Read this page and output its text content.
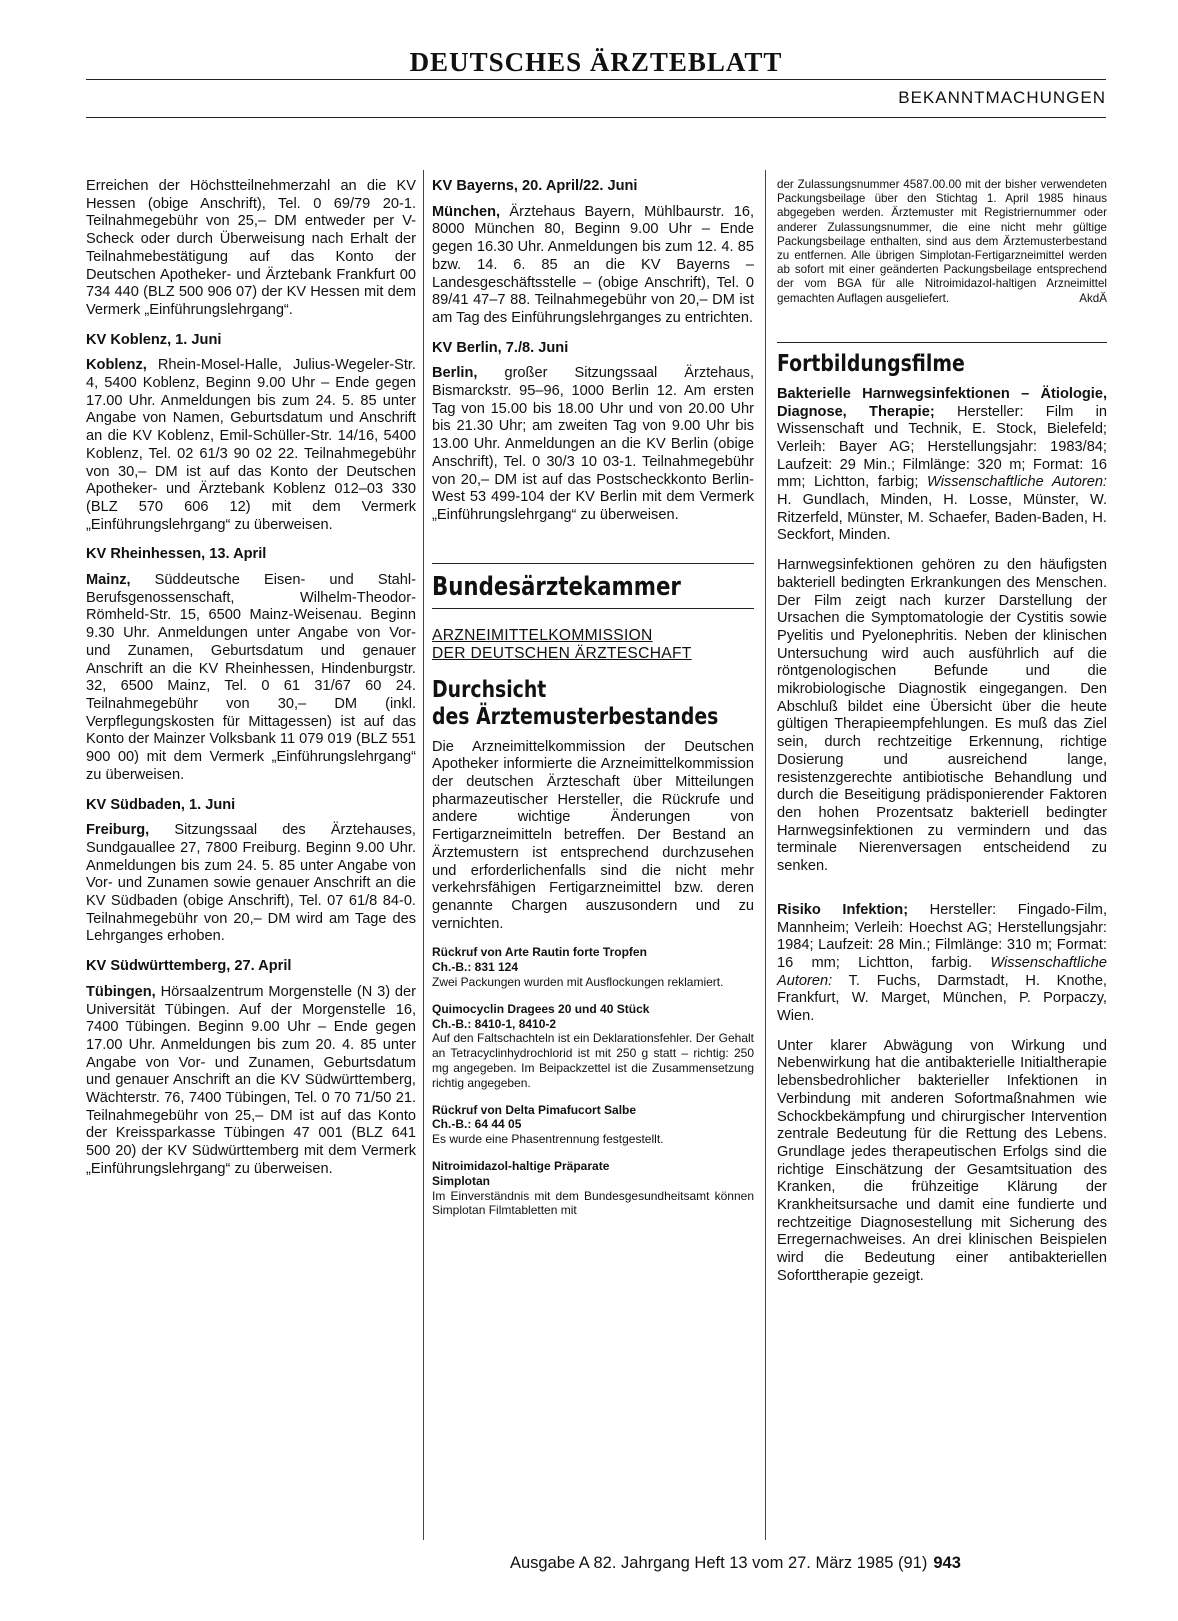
DEUTSCHES ÄRZTEBLATT
BEKANNTMACHUNGEN

Erreichen der Höchstteilnehmerzahl an die KV Hessen (obige Anschrift), Tel. 0 69/79 20-1. Teilnahmegebühr von 25,– DM entweder per V-Scheck oder durch Überweisung nach Erhalt der Teilnahmebestätigung auf das Konto der Deutschen Apotheker- und Ärztebank Frankfurt 00 734 440 (BLZ 500 906 07) der KV Hessen mit dem Vermerk „Einführungslehrgang“.

KV Koblenz, 1. Juni

Koblenz, Rhein-Mosel-Halle, Julius-Wegeler-Str. 4, 5400 Koblenz, Beginn 9.00 Uhr – Ende gegen 17.00 Uhr. Anmeldungen bis zum 24. 5. 85 unter Angabe von Namen, Geburtsdatum und Anschrift an die KV Koblenz, Emil-Schüller-Str. 14/16, 5400 Koblenz, Tel. 02 61/3 90 02 22. Teilnahmegebühr von 30,– DM ist auf das Konto der Deutschen Apotheker- und Ärztebank Koblenz 012–03 330 (BLZ 570 606 12) mit dem Vermerk „Einführungslehrgang“ zu überweisen.

KV Rheinhessen, 13. April

Mainz, Süddeutsche Eisen- und Stahl-Berufsgenossenschaft, Wilhelm-Theodor-Römheld-Str. 15, 6500 Mainz-Weisenau. Beginn 9.30 Uhr. Anmeldungen unter Angabe von Vor- und Zunamen, Geburtsdatum und genauer Anschrift an die KV Rheinhessen, Hindenburgstr. 32, 6500 Mainz, Tel. 0 61 31/67 60 24. Teilnahmegebühr von 30,– DM (inkl. Verpflegungskosten für Mittagessen) ist auf das Konto der Mainzer Volksbank 11 079 019 (BLZ 551 900 00) mit dem Vermerk „Einführungslehrgang“ zu überweisen.

KV Südbaden, 1. Juni

Freiburg, Sitzungssaal des Ärztehauses, Sundgauallee 27, 7800 Freiburg. Beginn 9.00 Uhr. Anmeldungen bis zum 24. 5. 85 unter Angabe von Vor- und Zunamen sowie genauer Anschrift an die KV Südbaden (obige Anschrift), Tel. 07 61/8 84-0. Teilnahmegebühr von 20,– DM wird am Tage des Lehrganges erhoben.

KV Südwürttemberg, 27. April

Tübingen, Hörsaalzentrum Morgenstelle (N 3) der Universität Tübingen. Auf der Morgenstelle 16, 7400 Tübingen. Beginn 9.00 Uhr – Ende gegen 17.00 Uhr. Anmeldungen bis zum 20. 4. 85 unter Angabe von Vor- und Zunamen, Geburtsdatum und genauer Anschrift an die KV Südwürttemberg, Wächterstr. 76, 7400 Tübingen, Tel. 0 70 71/50 21. Teilnahmegebühr von 25,– DM ist auf das Konto der Kreissparkasse Tübingen 47 001 (BLZ 641 500 20) der KV Südwürttemberg mit dem Vermerk „Einführungslehrgang“ zu überweisen.

KV Bayerns, 20. April/22. Juni

München, Ärztehaus Bayern, Mühlbaurstr. 16, 8000 München 80, Beginn 9.00 Uhr – Ende gegen 16.30 Uhr. Anmeldungen bis zum 12. 4. 85 bzw. 14. 6. 85 an die KV Bayerns – Landesgeschäftsstelle – (obige Anschrift), Tel. 0 89/41 47–7 88. Teilnahmegebühr von 20,– DM ist am Tag des Einführungslehrganges zu entrichten.

KV Berlin, 7./8. Juni

Berlin, großer Sitzungssaal Ärztehaus, Bismarckstr. 95–96, 1000 Berlin 12. Am ersten Tag von 15.00 bis 18.00 Uhr und von 20.00 Uhr bis 21.30 Uhr; am zweiten Tag von 9.00 Uhr bis 13.00 Uhr. Anmeldungen an die KV Berlin (obige Anschrift), Tel. 0 30/3 10 03-1. Teilnahmegebühr von 20,– DM ist auf das Postscheckkonto Berlin-West 53 499-104 der KV Berlin mit dem Vermerk „Einführungslehrgang“ zu überweisen.

Bundesärztekammer
ARZNEIMITTELKOMMISSION
DER DEUTSCHEN ÄRZTESCHAFT
Durchsicht
des Ärztemusterbestandes

Die Arzneimittelkommission der Deutschen Apotheker informierte die Arzneimittelkommission der deutschen Ärzteschaft über Mitteilungen pharmazeutischer Hersteller, die Rückrufe und andere wichtige Änderungen von Fertigarzneimitteln betreffen. Der Bestand an Ärztemustern ist entsprechend durchzusehen und erforderlichenfalls sind die nicht mehr verkehrsfähigen Fertigarzneimittel bzw. deren genannte Chargen auszusondern und zu vernichten.

Rückruf von Arte Rautin forte Tropfen
Ch.-B.: 831 124

Zwei Packungen wurden mit Ausflockungen reklamiert.

Quimocyclin Dragees 20 und 40 Stück
Ch.-B.: 8410-1, 8410-2

Auf den Faltschachteln ist ein Deklarationsfehler. Der Gehalt an Tetracyclinhydrochlorid ist mit 250 g statt – richtig: 250 mg angegeben. Im Beipackzettel ist die Zusammensetzung richtig angegeben.

Rückruf von Delta Pimafucort Salbe
Ch.-B.: 64 44 05

Es wurde eine Phasentrennung festgestellt.

Nitroimidazol-haltige Präparate
Simplotan

Im Einverständnis mit dem Bundesgesundheitsamt können Simplotan Filmtabletten mit

der Zulassungsnummer 4587.00.00 mit der bisher verwendeten Packungsbeilage über den Stichtag 1. April 1985 hinaus abgegeben werden. Ärztemuster mit Registriernummer oder anderer Zulassungsnummer, die eine nicht mehr gültige Packungsbeilage enthalten, sind aus dem Ärztemusterbestand zu entfernen. Alle übrigen Simplotan-Fertigarzneimittel werden ab sofort mit einer geänderten Packungsbeilage entsprechend der vom BGA für alle Nitroimidazol-haltigen Arzneimittel gemachten Auflagen ausgeliefert.	AkdÄ

Fortbildungsfilme

Bakterielle Harnwegsinfektionen – Ätiologie, Diagnose, Therapie; Hersteller: Film in Wissenschaft und Technik, E. Stock, Bielefeld; Verleih: Bayer AG; Herstellungsjahr: 1983/84; Laufzeit: 29 Min.; Filmlänge: 320 m; Format: 16 mm; Lichtton, farbig; Wissenschaftliche Autoren: H. Gundlach, Minden, H. Losse, Münster, W. Ritzerfeld, Münster, M. Schaefer, Baden-Baden, H. Seckfort, Minden.

Harnwegsinfektionen gehören zu den häufigsten bakteriell bedingten Erkrankungen des Menschen. Der Film zeigt nach kurzer Darstellung der Ursachen die Symptomatologie der Cystitis sowie Pyelitis und Pyelonephritis. Neben der klinischen Untersuchung wird auch ausführlich auf die röntgenologischen Befunde und die mikrobiologische Diagnostik eingegangen. Den Abschluß bildet eine Übersicht über die heute gültigen Therapieempfehlungen. Es muß das Ziel sein, durch rechtzeitige Erkennung, richtige Dosierung und ausreichend lange, resistenzgerechte antibiotische Behandlung und durch die Beseitigung prädisponierender Faktoren den hohen Prozentsatz bakteriell bedingter Harnwegsinfektionen zu vermindern und das terminale Nierenversagen entscheidend zu senken.

Risiko Infektion; Hersteller: Fingado-Film, Mannheim; Verleih: Hoechst AG; Herstellungsjahr: 1984; Laufzeit: 28 Min.; Filmlänge: 310 m; Format: 16 mm; Lichtton, farbig. Wissenschaftliche Autoren: T. Fuchs, Darmstadt, H. Knothe, Frankfurt, W. Marget, München, P. Porpaczy, Wien.

Unter klarer Abwägung von Wirkung und Nebenwirkung hat die antibakterielle Initialtherapie lebensbedrohlicher bakterieller Infektionen in Verbindung mit anderen Sofortmaßnahmen wie Schockbekämpfung und chirurgischer Intervention zentrale Bedeutung für die Rettung des Lebens. Grundlage jedes therapeutischen Erfolgs sind die richtige Einschätzung der Gesamtsituation des Kranken, die frühzeitige Klärung der Krankheitsursache und damit eine fundierte und rechtzeitige Diagnosestellung mit Sicherung des Erregernachweises. An drei klinischen Beispielen wird die Bedeutung einer antibakteriellen Soforttherapie gezeigt.

Ausgabe A 82. Jahrgang Heft 13 vom 27. März 1985 (91) 943
